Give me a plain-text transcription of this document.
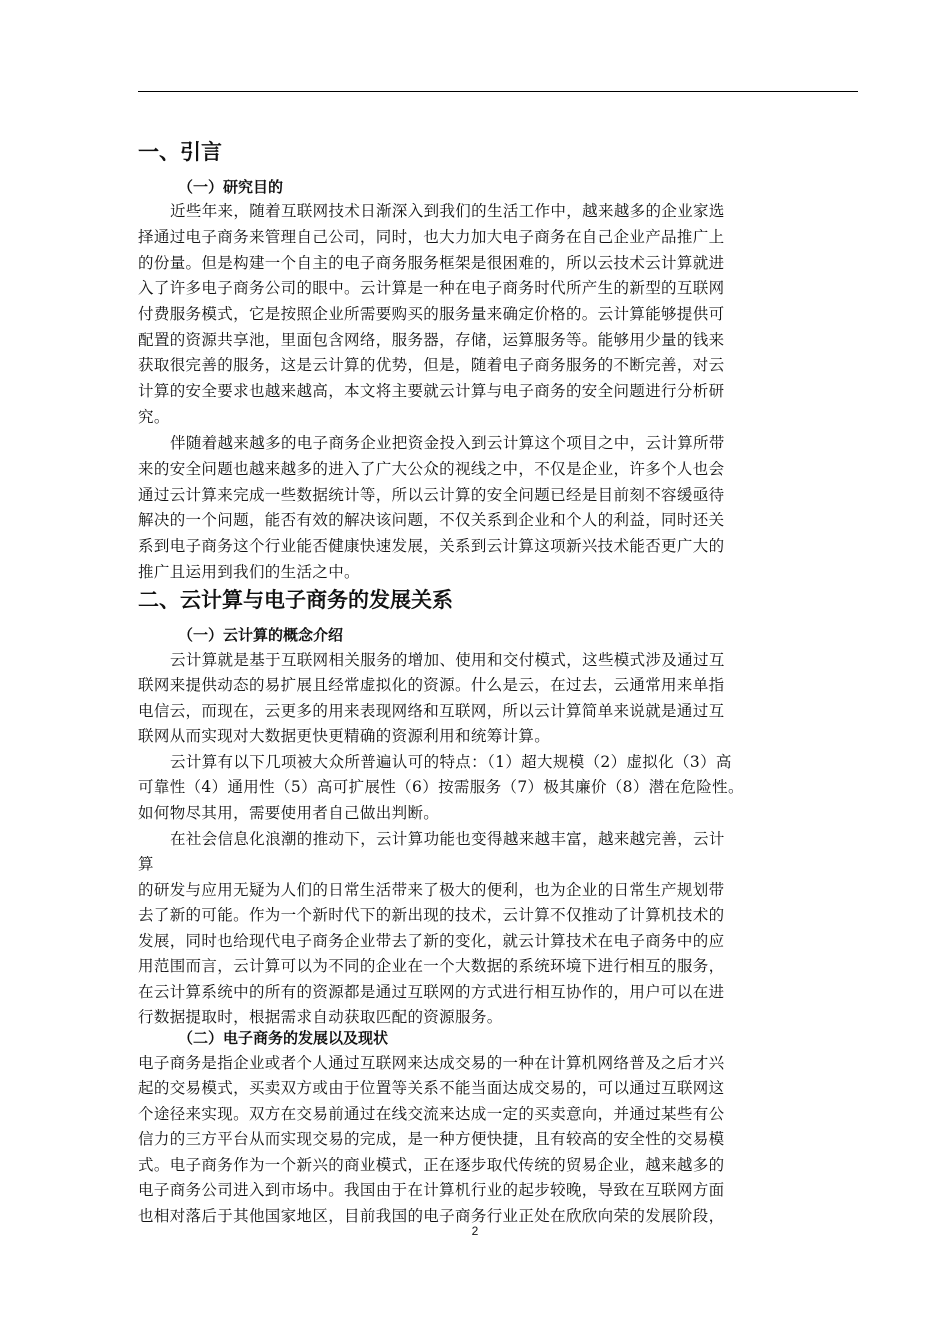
一、引言
（一）研究目的

近些年来，随着互联网技术日渐深入到我们的生活工作中，越来越多的企业家选

择通过电子商务来管理自己公司，同时，也大力加大电子商务在自己企业产品推广上

的份量。但是构建一个自主的电子商务服务框架是很困难的，所以云技术云计算就进

入了许多电子商务公司的眼中。云计算是一种在电子商务时代所产生的新型的互联网

付费服务模式，它是按照企业所需要购买的服务量来确定价格的。云计算能够提供可

配置的资源共享池，里面包含网络，服务器，存储，运算服务等。能够用少量的钱来

获取很完善的服务，这是云计算的优势，但是，随着电子商务服务的不断完善，对云

计算的安全要求也越来越高，本文将主要就云计算与电子商务的安全问题进行分析研

究。

伴随着越来越多的电子商务企业把资金投入到云计算这个项目之中，云计算所带

来的安全问题也越来越多的进入了广大公众的视线之中，不仅是企业，许多个人也会

通过云计算来完成一些数据统计等，所以云计算的安全问题已经是目前刻不容缓亟待

解决的一个问题，能否有效的解决该问题，不仅关系到企业和个人的利益，同时还关

系到电子商务这个行业能否健康快速发展，关系到云计算这项新兴技术能否更广大的

推广且运用到我们的生活之中。

二、云计算与电子商务的发展关系
（一）云计算的概念介绍

云计算就是基于互联网相关服务的增加、使用和交付模式，这些模式涉及通过互

联网来提供动态的易扩展且经常虚拟化的资源。什么是云，在过去，云通常用来单指

电信云，而现在，云更多的用来表现网络和互联网，所以云计算简单来说就是通过互

联网从而实现对大数据更快更精确的资源利用和统筹计算。

云计算有以下几项被大众所普遍认可的特点：（1）超大规模（2）虚拟化（3）高

可靠性（4）通用性（5）高可扩展性（6）按需服务（7）极其廉价（8）潜在危险性。

如何物尽其用，需要使用者自己做出判断。

在社会信息化浪潮的推动下，云计算功能也变得越来越丰富，越来越完善，云计

算

的研发与应用无疑为人们的日常生活带来了极大的便利，也为企业的日常生产规划带

去了新的可能。作为一个新时代下的新出现的技术，云计算不仅推动了计算机技术的

发展，同时也给现代电子商务企业带去了新的变化，就云计算技术在电子商务中的应

用范围而言，云计算可以为不同的企业在一个大数据的系统环境下进行相互的服务，

在云计算系统中的所有的资源都是通过互联网的方式进行相互协作的，用户可以在进

行数据提取时，根据需求自动获取匹配的资源服务。

（二）电子商务的发展以及现状

电子商务是指企业或者个人通过互联网来达成交易的一种在计算机网络普及之后才兴

起的交易模式，买卖双方或由于位置等关系不能当面达成交易的，可以通过互联网这

个途径来实现。双方在交易前通过在线交流来达成一定的买卖意向，并通过某些有公

信力的三方平台从而实现交易的完成，是一种方便快捷，且有较高的安全性的交易模

式。电子商务作为一个新兴的商业模式，正在逐步取代传统的贸易企业，越来越多的

电子商务公司进入到市场中。我国由于在计算机行业的起步较晚，导致在互联网方面

也相对落后于其他国家地区，目前我国的电子商务行业正处在欣欣向荣的发展阶段，

2
